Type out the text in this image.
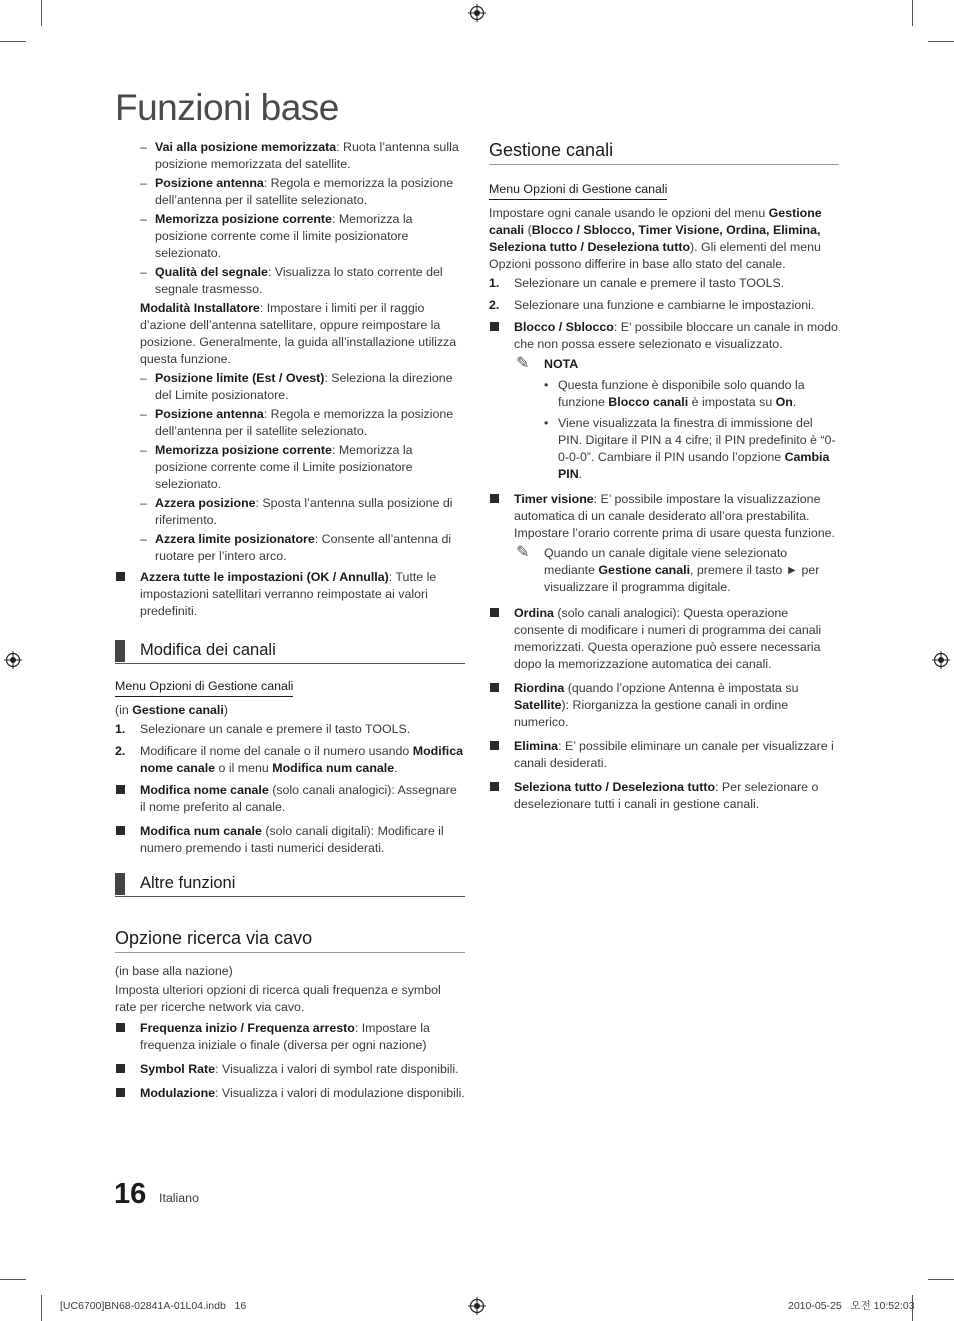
Funzioni base
– Vai alla posizione memorizzata: Ruota l’antenna sulla posizione memorizzata del satellite.
– Posizione antenna: Regola e memorizza la posizione dell’antenna per il satellite selezionato.
– Memorizza posizione corrente: Memorizza la posizione corrente come il limite posizionatore selezionato.
– Qualità del segnale: Visualizza lo stato corrente del segnale trasmesso.
Modalità Installatore: Impostare i limiti per il raggio d’azione dell’antenna satellitare, oppure reimpostare la posizione. Generalmente, la guida all’installazione utilizza questa funzione.
– Posizione limite (Est / Ovest): Seleziona la direzione del Limite posizionatore.
– Posizione antenna: Regola e memorizza la posizione dell’antenna per il satellite selezionato.
– Memorizza posizione corrente: Memorizza la posizione corrente come il Limite posizionatore selezionato.
– Azzera posizione: Sposta l’antenna sulla posizione di riferimento.
– Azzera limite posizionatore: Consente all’antenna di ruotare per l’intero arco.
Azzera tutte le impostazioni (OK / Annulla): Tutte le impostazioni satellitari verranno reimpostate ai valori predefiniti.
Modifica dei canali
Menu Opzioni di Gestione canali
(in Gestione canali)
1. Selezionare un canale e premere il tasto TOOLS.
2. Modificare il nome del canale o il numero usando Modifica nome canale o il menu Modifica num canale.
Modifica nome canale (solo canali analogici): Assegnare il nome preferito al canale.
Modifica num canale (solo canali digitali): Modificare il numero premendo i tasti numerici desiderati.
Altre funzioni
Opzione ricerca via cavo
(in base alla nazione)
Imposta ulteriori opzioni di ricerca quali frequenza e symbol rate per ricerche network via cavo.
Frequenza inizio / Frequenza arresto: Impostare la frequenza iniziale o finale (diversa per ogni nazione)
Symbol Rate: Visualizza i valori di symbol rate disponibili.
Modulazione: Visualizza i valori di modulazione disponibili.
Gestione canali
Menu Opzioni di Gestione canali
Impostare ogni canale usando le opzioni del menu Gestione canali (Blocco / Sblocco, Timer Visione, Ordina, Elimina, Seleziona tutto / Deseleziona tutto). Gli elementi del menu Opzioni possono differire in base allo stato del canale.
1. Selezionare un canale e premere il tasto TOOLS.
2. Selezionare una funzione e cambiarne le impostazioni.
Blocco / Sblocco: E’ possibile bloccare un canale in modo che non possa essere selezionato e visualizzato.
✎ NOTA
• Questa funzione è disponibile solo quando la funzione Blocco canali è impostata su On.
• Viene visualizzata la finestra di immissione del PIN. Digitare il PIN a 4 cifre; il PIN predefinito è “0-0-0-0”. Cambiare il PIN usando l’opzione Cambia PIN.
Timer visione: E’ possibile impostare la visualizzazione automatica di un canale desiderato all’ora prestabilita. Impostare l’orario corrente prima di usare questa funzione.
✎ Quando un canale digitale viene selezionato mediante Gestione canali, premere il tasto ► per visualizzare il programma digitale.
Ordina (solo canali analogici): Questa operazione consente di modificare i numeri di programma dei canali memorizzati. Questa operazione può essere necessaria dopo la memorizzazione automatica dei canali.
Riordina (quando l’opzione Antenna è impostata su Satellite): Riorganizza la gestione canali in ordine numerico.
Elimina: E’ possibile eliminare un canale per visualizzare i canali desiderati.
Seleziona tutto / Deseleziona tutto: Per selezionare o deselezionare tutti i canali in gestione canali.
16 Italiano
[UC6700]BN68-02841A-01L04.indb   16	2010-05-25   오전 10:52:03
